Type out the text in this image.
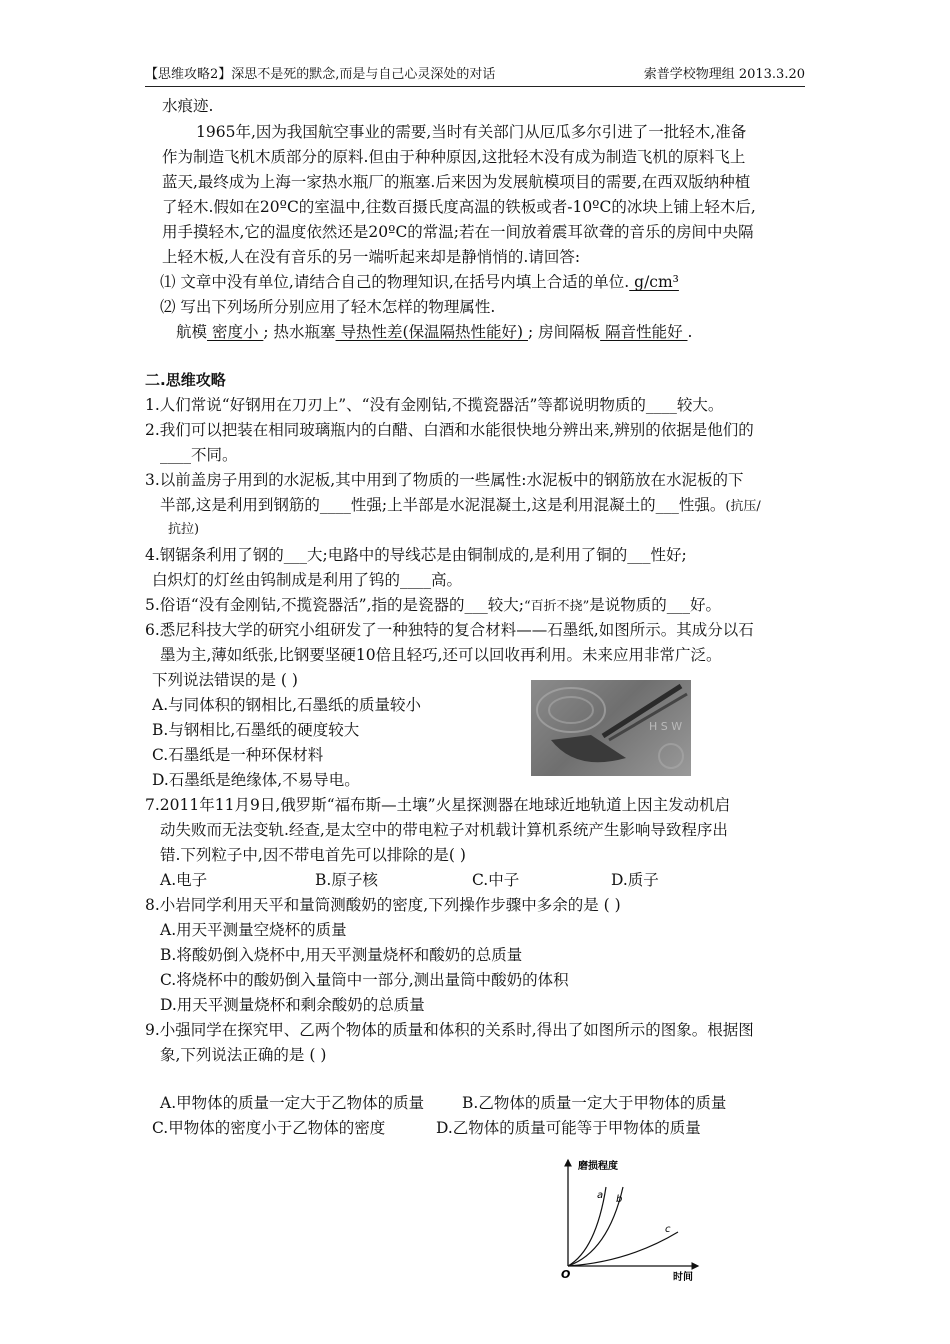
【思维攻略2】深思不是死的默念,而是与自己心灵深处的对话	索普学校物理组 2013.3.20
水痕迹.
1965年,因为我国航空事业的需要,当时有关部门从厄瓜多尔引进了一批轻木,准备
作为制造飞机木质部分的原料.但由于种种原因,这批轻木没有成为制造飞机的原料飞上
蓝天,最终成为上海一家热水瓶厂的瓶塞.后来因为发展航模项目的需要,在西双版纳种植
了轻木.假如在20ºC的室温中,往数百摄氏度高温的铁板或者-10ºC的冰块上铺上轻木后,
用手摸轻木,它的温度依然还是20ºC的常温;若在一间放着震耳欲聋的音乐的房间中央隔
上轻木板,人在没有音乐的另一端听起来却是静悄悄的.请回答:
⑴ 文章中没有单位,请结合自己的物理知识,在括号内填上合适的单位. g/cm³
⑵ 写出下列场所分别应用了轻木怎样的物理属性.
航模 密度小 ; 热水瓶塞 导热性差(保温隔热性能好) ; 房间隔板 隔音性能好 .
二.思维攻略
1.人们常说“好钢用在刀刃上”、“没有金刚钻,不揽瓷器活”等都说明物质的____较大。
2.我们可以把装在相同玻璃瓶内的白醋、白酒和水能很快地分辨出来,辨别的依据是他们的
____不同。
3.以前盖房子用到的水泥板,其中用到了物质的一些属性:水泥板中的钢筋放在水泥板的下
半部,这是利用到钢筋的____性强;上半部是水泥混凝土,这是利用混凝土的___性强。(抗压/
抗拉)
4.钢锯条利用了钢的___大;电路中的导线芯是由铜制成的,是利用了铜的___性好;
白炽灯的灯丝由钨制成是利用了钨的____高。
5.俗语“没有金刚钻,不揽瓷器活”,指的是瓷器的___较大;“百折不挠”是说物质的___好。
6.悉尼科技大学的研究小组研发了一种独特的复合材料——石墨纸,如图所示。其成分以石
墨为主,薄如纸张,比钢要坚硬10倍且轻巧,还可以回收再利用。未来应用非常广泛。
下列说法错误的是 ( )
A.与同体积的钢相比,石墨纸的质量较小
B.与钢相比,石墨纸的硬度较大
C.石墨纸是一种环保材料
D.石墨纸是绝缘体,不易导电。
H S W
7.2011年11月9日,俄罗斯“福布斯—土壤”火星探测器在地球近地轨道上因主发动机启
动失败而无法变轨.经查,是太空中的带电粒子对机载计算机系统产生影响导致程序出
错.下列粒子中,因不带电首先可以排除的是( )
A.电子	B.原子核	C.中子	D.质子
8.小岩同学利用天平和量筒测酸奶的密度,下列操作步骤中多余的是 ( )
A.用天平测量空烧杯的质量
B.将酸奶倒入烧杯中,用天平测量烧杯和酸奶的总质量
C.将烧杯中的酸奶倒入量筒中一部分,测出量筒中酸奶的体积
D.用天平测量烧杯和剩余酸奶的总质量
9.小强同学在探究甲、乙两个物体的质量和体积的关系时,得出了如图所示的图象。根据图
象,下列说法正确的是 ( )
A.甲物体的质量一定大于乙物体的质量 B.乙物体的质量一定大于甲物体的质量
C.甲物体的密度小于乙物体的密度	D.乙物体的质量可能等于甲物体的质量
磨损程度
时间
O
a b
c
